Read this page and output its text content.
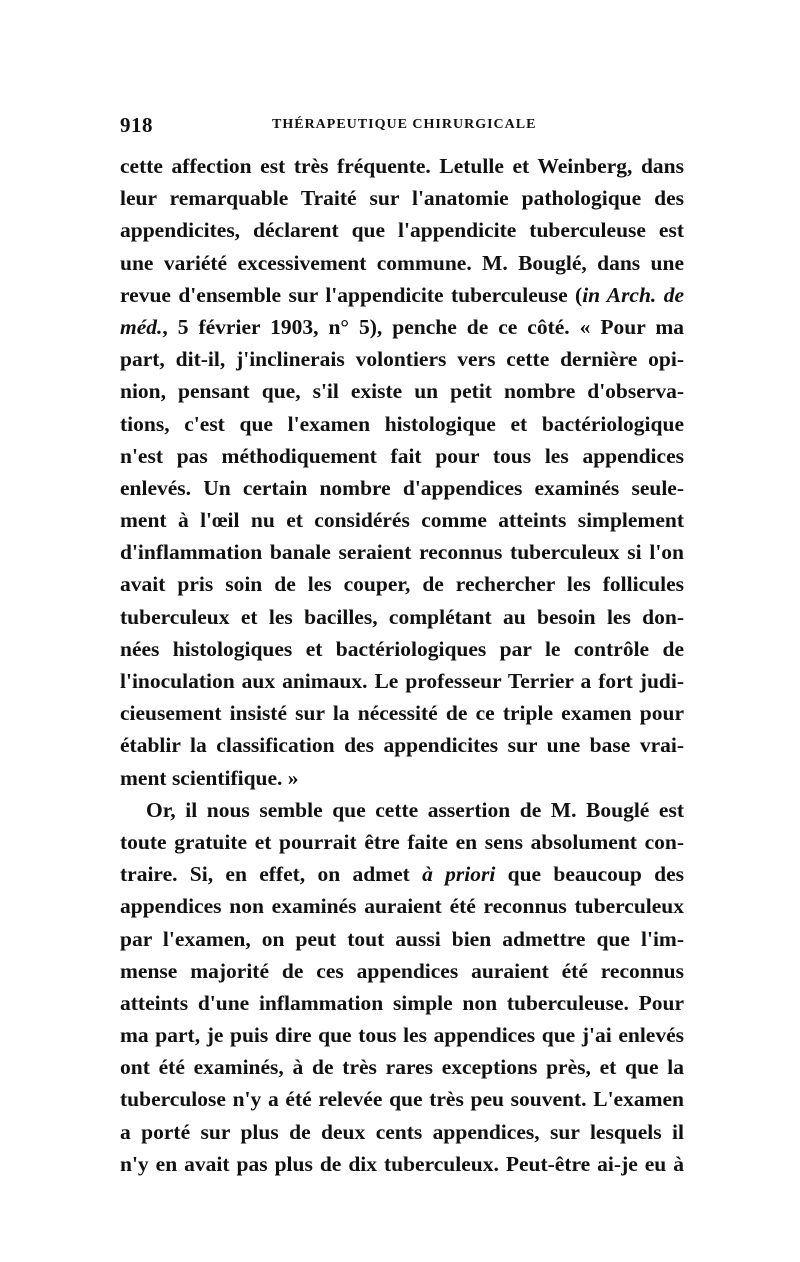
918	THÉRAPEUTIQUE CHIRURGICALE
cette affection est très fréquente. Letulle et Weinberg, dans
leur remarquable Traité sur l'anatomie pathologique des
appendicites, déclarent que l'appendicite tuberculeuse est
une variété excessivement commune. M. Bouglé, dans une
revue d'ensemble sur l'appendicite tuberculeuse (in Arch. de
méd., 5 février 1903, n° 5), penche de ce côté. « Pour ma
part, dit-il, j'inclinerais volontiers vers cette dernière opi-
nion, pensant que, s'il existe un petit nombre d'observa-
tions, c'est que l'examen histologique et bactériologique
n'est pas méthodiquement fait pour tous les appendices
enlevés. Un certain nombre d'appendices examinés seule-
ment à l'œil nu et considérés comme atteints simplement
d'inflammation banale seraient reconnus tuberculeux si l'on
avait pris soin de les couper, de rechercher les follicules
tuberculeux et les bacilles, complétant au besoin les don-
nées histologiques et bactériologiques par le contrôle de
l'inoculation aux animaux. Le professeur Terrier a fort judi-
cieusement insisté sur la nécessité de ce triple examen pour
établir la classification des appendicites sur une base vrai-
ment scientifique. »
Or, il nous semble que cette assertion de M. Bouglé est
toute gratuite et pourrait être faite en sens absolument con-
traire. Si, en effet, on admet à priori que beaucoup des
appendices non examinés auraient été reconnus tuberculeux
par l'examen, on peut tout aussi bien admettre que l'im-
mense majorité de ces appendices auraient été reconnus
atteints d'une inflammation simple non tuberculeuse. Pour
ma part, je puis dire que tous les appendices que j'ai enlevés
ont été examinés, à de très rares exceptions près, et que la
tuberculose n'y a été relevée que très peu souvent. L'examen
a porté sur plus de deux cents appendices, sur lesquels il
n'y en avait pas plus de dix tuberculeux. Peut-être ai-je eu à
